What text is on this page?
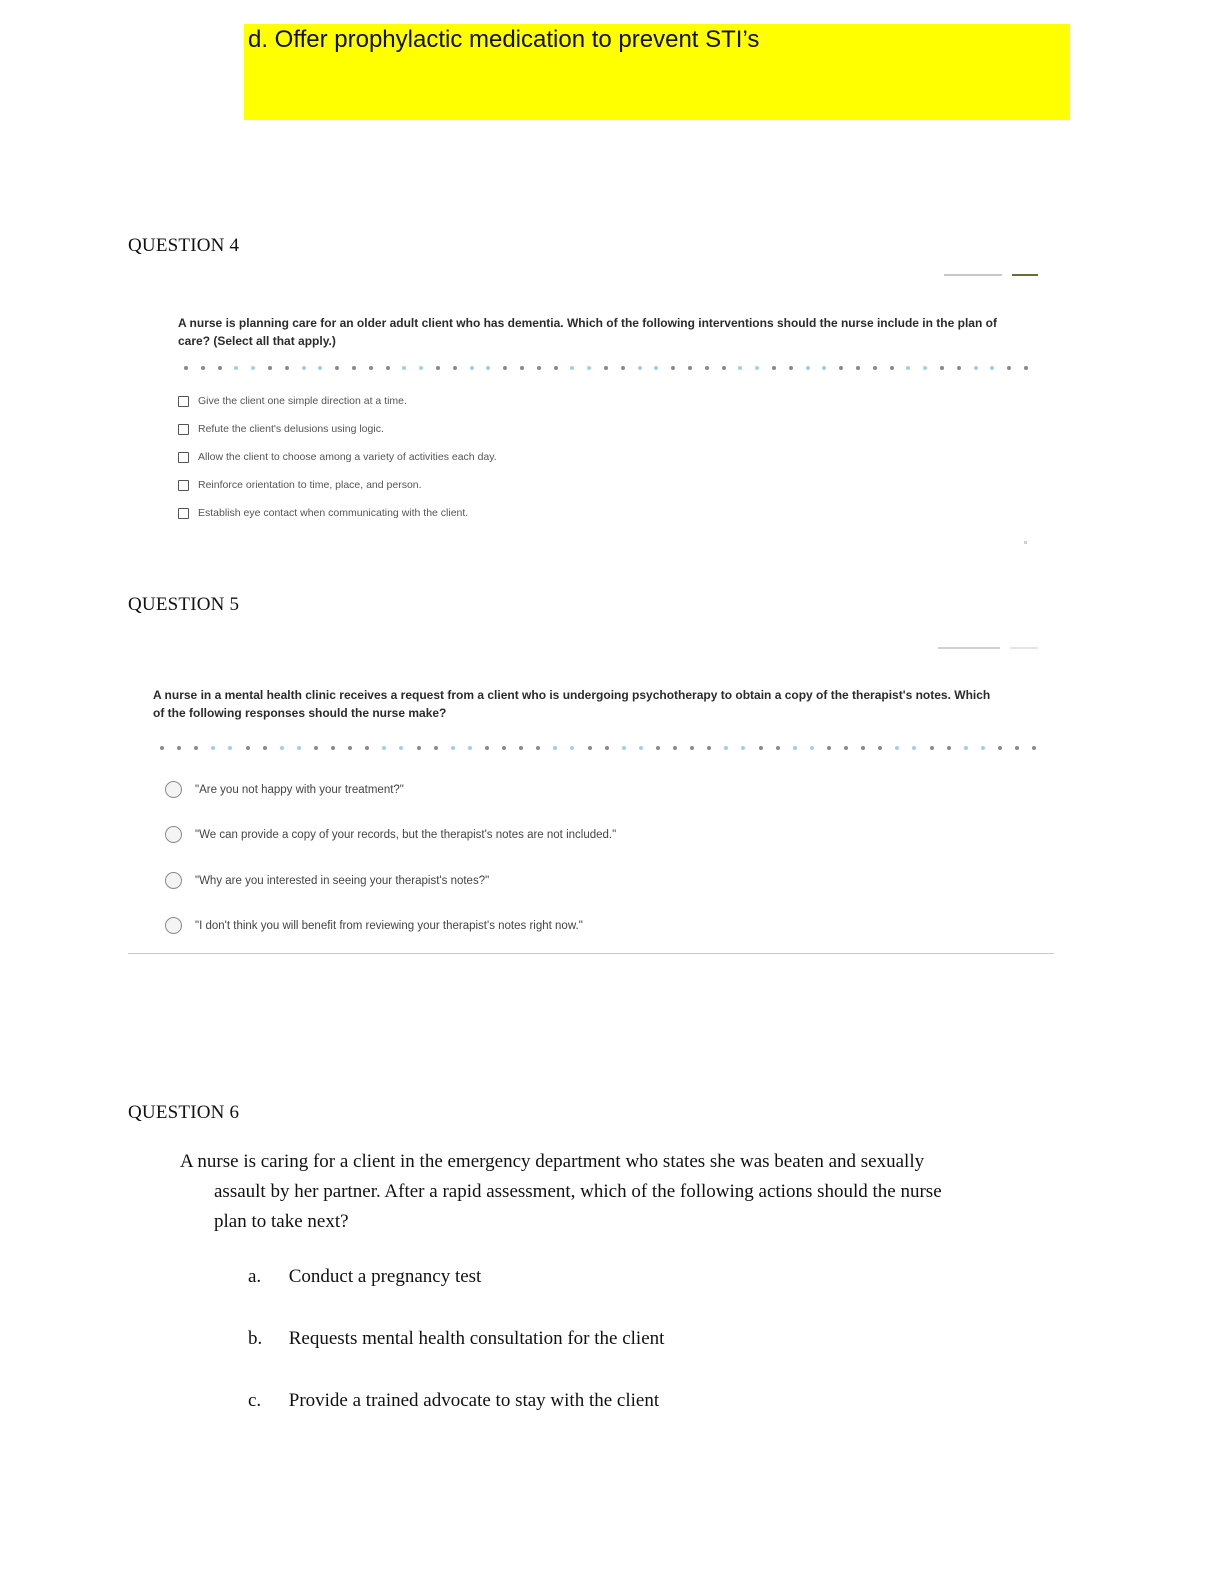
d. Offer prophylactic medication to prevent STI’s
QUESTION 4
A nurse is planning care for an older adult client who has dementia. Which of the following interventions should the nurse include in the plan of
care? (Select all that apply.)
Give the client one simple direction at a time.
Refute the client's delusions using logic.
Allow the client to choose among a variety of activities each day.
Reinforce orientation to time, place, and person.
Establish eye contact when communicating with the client.
QUESTION 5
A nurse in a mental health clinic receives a request from a client who is undergoing psychotherapy to obtain a copy of the therapist's notes. Which
of the following responses should the nurse make?
"Are you not happy with your treatment?"
"We can provide a copy of your records, but the therapist's notes are not included."
"Why are you interested in seeing your therapist's notes?"
"I don't think you will benefit from reviewing your therapist's notes right now."
QUESTION 6
A nurse is caring for a client in the emergency department who states she was beaten and sexually
assault by her partner. After a rapid assessment, which of the following actions should the nurse
plan to take next?
a. Conduct a pregnancy test
b. Requests mental health consultation for the client
c. Provide a trained advocate to stay with the client
